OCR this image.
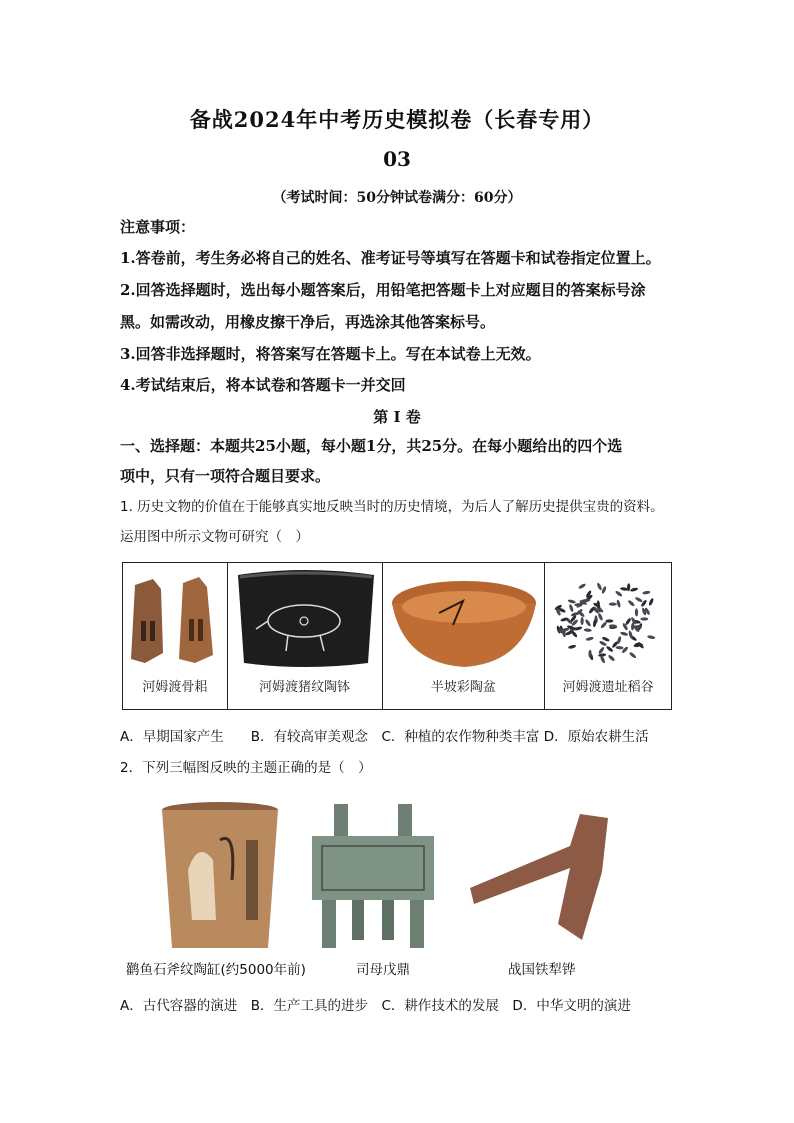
备战2024年中考历史模拟卷（长春专用）
03
（考试时间：50分钟试卷满分：60分）
注意事项：
1.答卷前，考生务必将自己的姓名、准考证号等填写在答题卡和试卷指定位置上。
2.回答选择题时，选出每小题答案后，用铅笔把答题卡上对应题目的答案标号涂
黑。如需改动，用橡皮擦干净后，再选涂其他答案标号。
3.回答非选择题时，将答案写在答题卡上。写在本试卷上无效。
4.考试结束后，将本试卷和答题卡一并交回
第 I 卷
一、选择题：本题共25小题，每小题1分，共25分。在每小题给出的四个选
项中，只有一项符合题目要求。
1. 历史文物的价值在于能够真实地反映当时的历史情境，为后人了解历史提供宝贵的资料。
运用图中所示文物可研究（　）
河姆渡骨耜	河姆渡猪纹陶钵	半坡彩陶盆	河姆渡遗址稻谷
A．早期国家产生　　B．有较高审美观念　C．种植的农作物种类丰富 D．原始农耕生活
2．下列三幅图反映的主题正确的是（　）
鹳鱼石斧纹陶缸(约5000年前)	司母戊鼎	战国铁犁铧
A．古代容器的演进　B．生产工具的进步　C．耕作技术的发展　D．中华文明的演进
